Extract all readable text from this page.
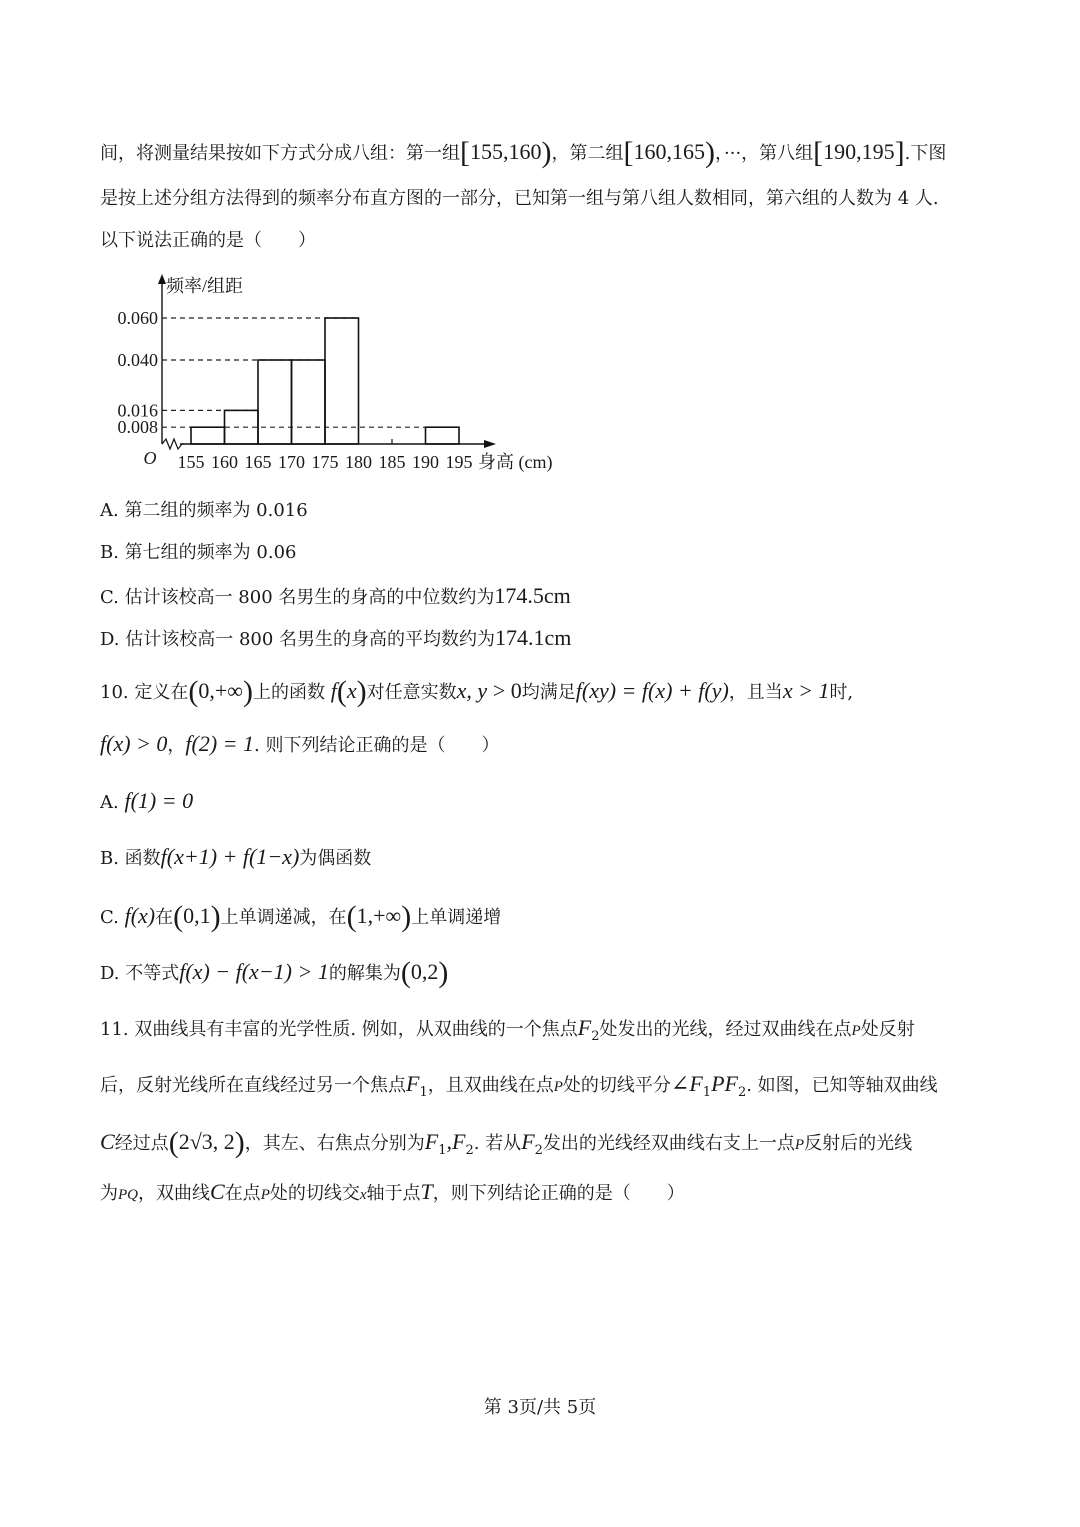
间，将测量结果按如下方式分成八组：第一组[155,160)，第二组[160,165)，···，第八组[190,195].下图
是按上述分组方法得到的频率分布直方图的一部分，已知第一组与第八组人数相同，第六组的人数为 4 人.
以下说法正确的是（　　）
0.060
0.040
0.016
0.008
155 160 165 170 175 180 185 190 195
O
频率/组距
身高 (cm)
A. 第二组的频率为 0.016
B. 第七组的频率为 0.06
C. 估计该校高一 800 名男生的身高的中位数约为174.5cm
D. 估计该校高一 800 名男生的身高的平均数约为174.1cm
10. 定义在(0,+∞)上的函数 f(x)对任意实数x, y > 0均满足f(xy) = f(x) + f(y)，且当x > 1时,
f(x) > 0，f(2) = 1. 则下列结论正确的是（　　）
A. f(1) = 0
B. 函数f(x+1) + f(1−x)为偶函数
C. f(x)在(0,1)上单调递减，在(1,+∞)上单调递增
D. 不等式f(x) − f(x−1) > 1的解集为(0,2)
11. 双曲线具有丰富的光学性质. 例如，从双曲线的一个焦点$F_2$处发出的光线，经过双曲线在点P处反射
后，反射光线所在直线经过另一个焦点$F_1$，且双曲线在点P处的切线平分$\angle F_1PF_2$. 如图，已知等轴双曲线
C经过点(2√3, 2)，其左、右焦点分别为$F_1,F_2$. 若从$F_2$发出的光线经双曲线右支上一点P反射后的光线
为PQ，双曲线C在点P处的切线交x轴于点T，则下列结论正确的是（　　）
第 3页/共 5页
